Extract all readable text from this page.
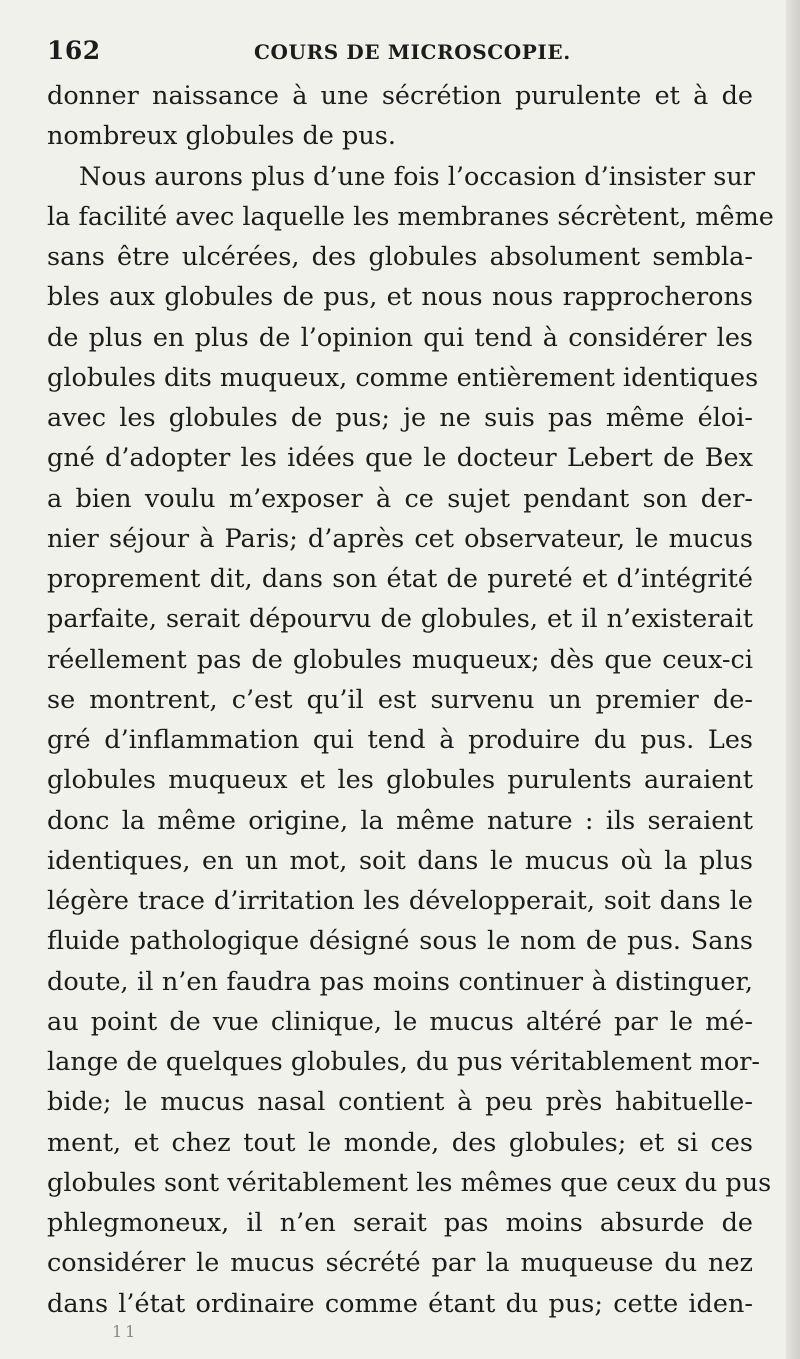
162	COURS DE MICROSCOPIE.
donner naissance à une sécrétion purulente et à de
nombreux globules de pus.
Nous aurons plus d’une fois l’occasion d’insister sur
la facilité avec laquelle les membranes sécrètent, même
sans être ulcérées, des globules absolument sembla-
bles aux globules de pus, et nous nous rapprocherons
de plus en plus de l’opinion qui tend à considérer les
globules dits muqueux, comme entièrement identiques
avec les globules de pus; je ne suis pas même éloi-
gné d’adopter les idées que le docteur Lebert de Bex
a bien voulu m’exposer à ce sujet pendant son der-
nier séjour à Paris; d’après cet observateur, le mucus
proprement dit, dans son état de pureté et d’intégrité
parfaite, serait dépourvu de globules, et il n’existerait
réellement pas de globules muqueux; dès que ceux-ci
se montrent, c’est qu’il est survenu un premier de-
gré d’inflammation qui tend à produire du pus. Les
globules muqueux et les globules purulents auraient
donc la même origine, la même nature : ils seraient
identiques, en un mot, soit dans le mucus où la plus
légère trace d’irritation les développerait, soit dans le
fluide pathologique désigné sous le nom de pus. Sans
doute, il n’en faudra pas moins continuer à distinguer,
au point de vue clinique, le mucus altéré par le mé-
lange de quelques globules, du pus véritablement mor-
bide; le mucus nasal contient à peu près habituelle-
ment, et chez tout le monde, des globules; et si ces
globules sont véritablement les mêmes que ceux du pus
phlegmoneux, il n’en serait pas moins absurde de
considérer le mucus sécrété par la muqueuse du nez
dans l’état ordinaire comme étant du pus; cette iden-
11
